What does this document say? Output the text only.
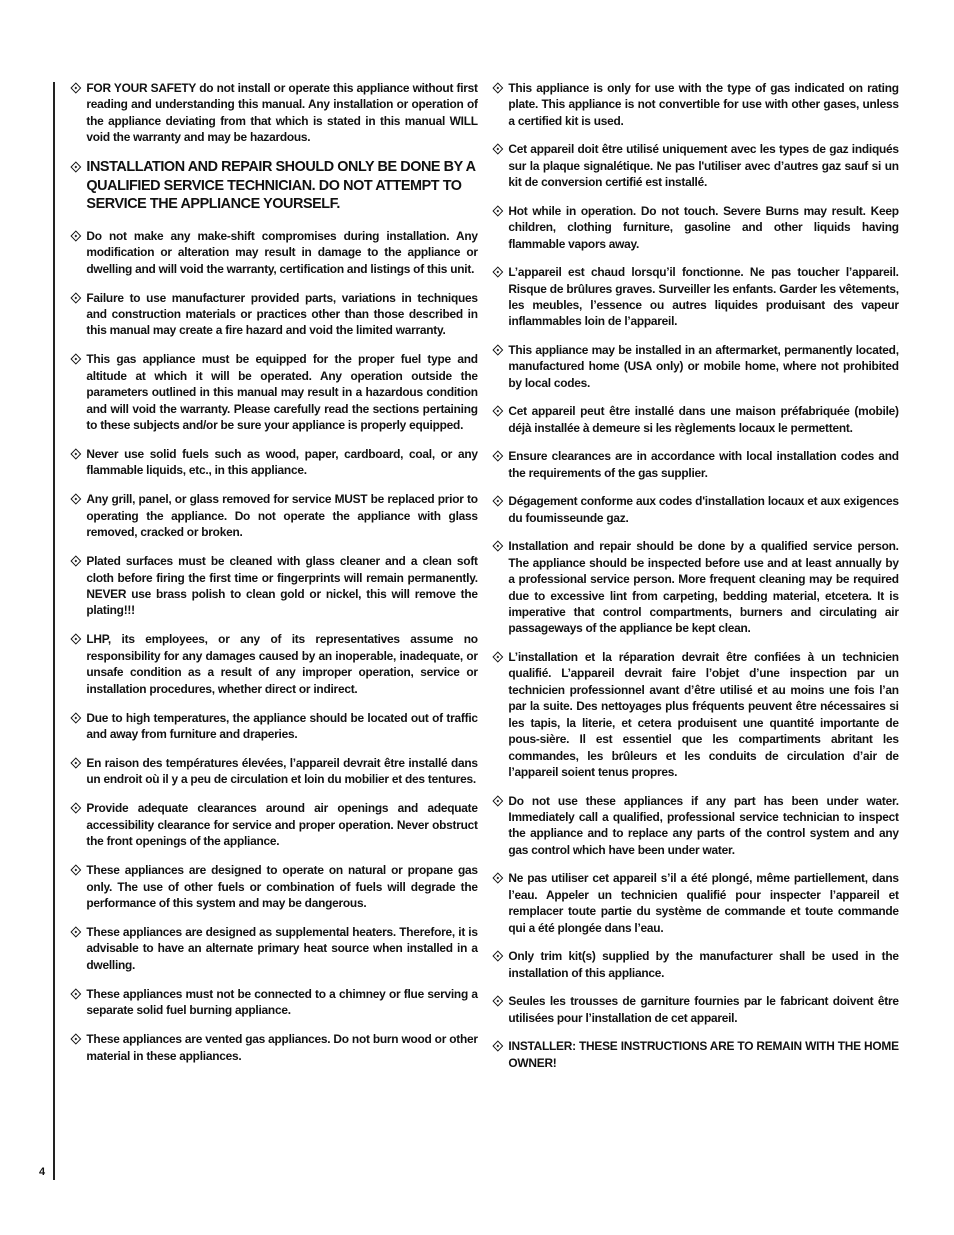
FOR YOUR SAFETY do not install or operate this appliance without first reading and understanding this manual. Any installation or operation of the appliance deviating from that which is stated in this manual WILL void the warranty and may be hazardous.
INSTALLATION AND REPAIR SHOULD ONLY BE DONE BY A QUALIFIED SERVICE TECHNICIAN. DO NOT ATTEMPT TO SERVICE THE APPLIANCE YOURSELF.
Do not make any make-shift compromises during installation. Any modification or alteration may result in damage to the appliance or dwelling and will void the warranty, certification and listings of this unit.
Failure to use manufacturer provided parts, variations in techniques and construction materials or practices other than those described in this manual may create a fire hazard and void the limited warranty.
This gas appliance must be equipped for the proper fuel type and altitude at which it will be operated. Any operation outside the parameters outlined in this manual may result in a hazardous condition and will void the warranty. Please carefully read the sections pertaining to these subjects and/or be sure your appliance is properly equipped.
Never use solid fuels such as wood, paper, cardboard, coal, or any flammable liquids, etc., in this appliance.
Any grill, panel, or glass removed for service MUST be replaced prior to operating the appliance. Do not operate the appliance with glass removed, cracked or broken.
Plated surfaces must be cleaned with glass cleaner and a clean soft cloth before firing the first time or fingerprints will remain permanently. NEVER use brass polish to clean gold or nickel, this will remove the plating!!!
LHP, its employees, or any of its representatives assume no responsibility for any damages caused by an inoperable, inadequate, or unsafe condition as a result of any improper operation, service or installation procedures, whether direct or indirect.
Due to high temperatures, the appliance should be located out of traffic and away from furniture and draperies.
En raison des températures élevées, l’appareil devrait être installé dans un endroit où il y a peu de circulation et loin du mobilier et des tentures.
Provide adequate clearances around air openings and adequate accessibility clearance for service and proper operation. Never obstruct the front openings of the appliance.
These appliances are designed to operate on natural or propane gas only. The use of other fuels or combination of fuels will degrade the performance of this system and may be dangerous.
These appliances are designed as supplemental heaters. Therefore, it is advisable to have an alternate primary heat source when installed in a dwelling.
These appliances must not be connected to a chimney or flue serving a separate solid fuel burning appliance.
These appliances are vented gas appliances. Do not burn wood or other material in these appliances.
This appliance is only for use with the type of gas indicated on rating plate. This appliance is not convertible for use with other gases, unless a certified kit is used.
Cet appareil doit être utilisé uniquement avec les types de gaz indiqués sur la plaque signalétique. Ne pas l'utiliser avec d’autres gaz sauf si un kit de conversion certifié est installé.
Hot while in operation. Do not touch. Severe Burns may result. Keep children, clothing furniture, gasoline and other liquids having flammable vapors away.
L’appareil est chaud lorsqu’il fonctionne. Ne pas toucher l’appareil. Risque de brûlures graves. Surveiller les enfants. Garder les vêtements, les meubles, l’essence ou autres liquides produisant des vapeur inflammables loin de l’appareil.
This appliance may be installed in an aftermarket, permanently located, manufactured home (USA only) or mobile home, where not prohibited by local codes.
Cet appareil peut être installé dans une maison préfabriquée (mobile) déjà installée à demeure si les règlements locaux le permettent.
Ensure clearances are in accordance with local installation codes and the requirements of the gas supplier.
Dégagement conforme aux codes d'installation locaux et aux exigences du foumisseunde gaz.
Installation and repair should be done by a qualified service person. The appliance should be inspected before use and at least annually by a professional service person. More frequent cleaning may be required due to excessive lint from carpeting, bedding material, etcetera. It is imperative that control compartments, burners and circulating air passageways of the appliance be kept clean.
L’installation et la réparation devrait être confiées à un technicien qualifié. L’appareil devrait faire l’objet d’une inspection par un technicien professionnel avant d’être utilisé et au moins une fois l’an par la suite. Des nettoyages plus fréquents peuvent être nécessaires si les tapis, la literie, et cetera produisent une quantité importante de pous-sière. Il est essentiel que les compartiments abritant les commandes, les brûleurs et les conduits de circulation d’air de l’appareil soient tenus propres.
Do not use these appliances if any part has been under water. Immediately call a qualified, professional service technician to inspect the appliance and to replace any parts of the control system and any gas control which have been under water.
Ne pas utiliser cet appareil s’il a été plongé, même partiellement, dans l’eau. Appeler un technicien qualifié pour inspecter l’appareil et remplacer toute partie du système de commande et toute commande qui a été plongée dans l’eau.
Only trim kit(s) supplied by the manufacturer shall be used in the installation of this appliance.
Seules les trousses de garniture fournies par le fabricant doivent être utilisées pour l’installation de cet appareil.
INSTALLER: THESE INSTRUCTIONS ARE TO REMAIN WITH THE HOME OWNER!
4
